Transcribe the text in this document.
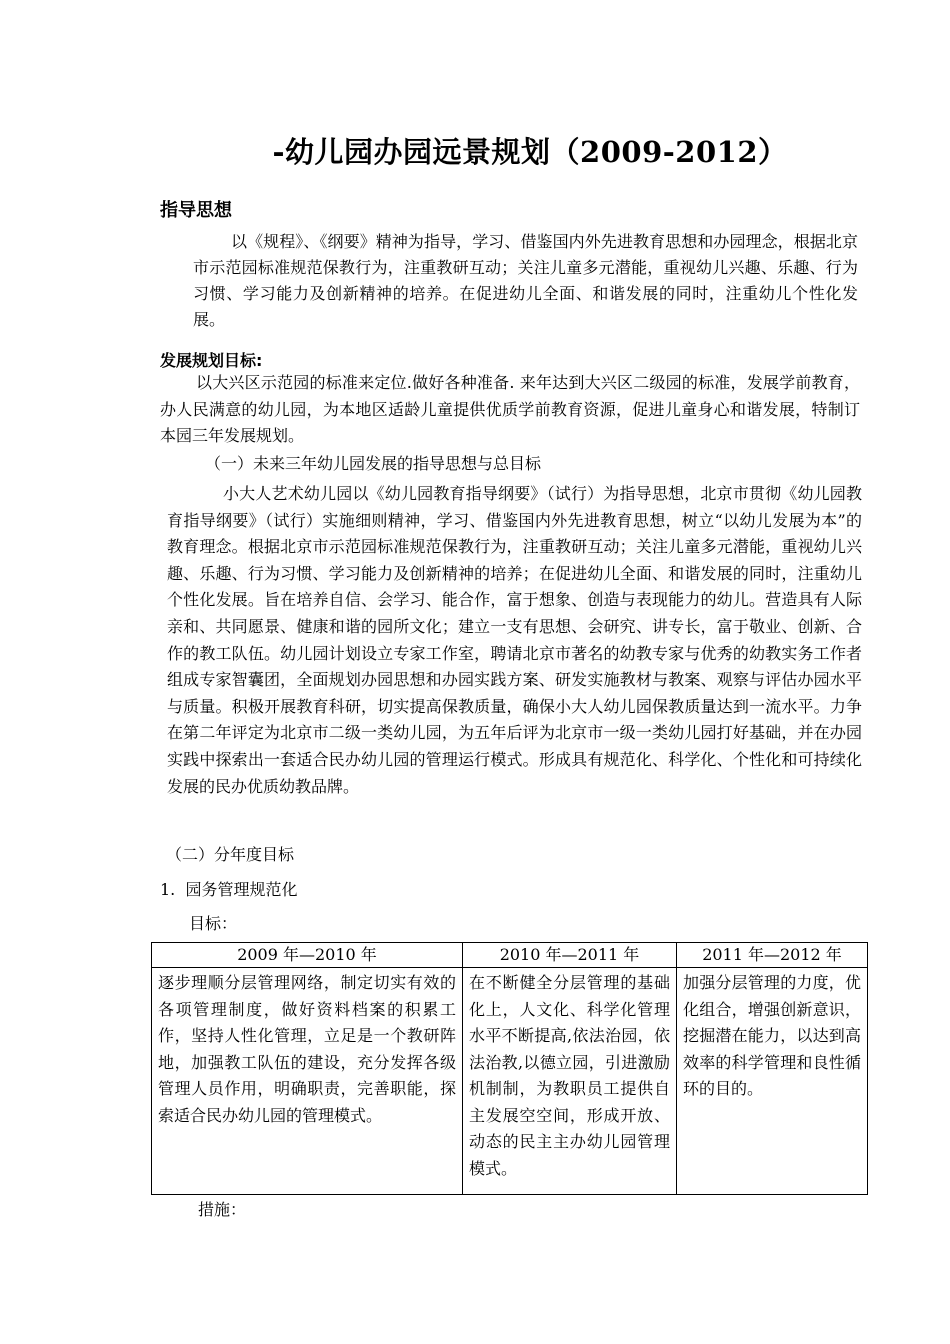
-幼儿园办园远景规划（2009-2012）
指导思想

以《规程》、《纲要》精神为指导，学习、借鉴国内外先进教育思想和办园理念，根据北京市示范园标准规范保教行为，注重教研互动；关注儿童多元潜能，重视幼儿兴趣、乐趣、行为习惯、学习能力及创新精神的培养。在促进幼儿全面、和谐发展的同时，注重幼儿个性化发展。

发展规划目标:

以大兴区示范园的标准来定位.做好各种准备. 来年达到大兴区二级园的标准，发展学前教育，办人民满意的幼儿园，为本地区适龄儿童提供优质学前教育资源，促进儿童身心和谐发展，特制订本园三年发展规划。

（一）未来三年幼儿园发展的指导思想与总目标

小大人艺术幼儿园以《幼儿园教育指导纲要》（试行）为指导思想，北京市贯彻《幼儿园教育指导纲要》（试行）实施细则精神，学习、借鉴国内外先进教育思想，树立“以幼儿发展为本”的教育理念。根据北京市示范园标准规范保教行为，注重教研互动；关注儿童多元潜能，重视幼儿兴趣、乐趣、行为习惯、学习能力及创新精神的培养；在促进幼儿全面、和谐发展的同时，注重幼儿个性化发展。旨在培养自信、会学习、能合作，富于想象、创造与表现能力的幼儿。营造具有人际亲和、共同愿景、健康和谐的园所文化；建立一支有思想、会研究、讲专长，富于敬业、创新、合作的教工队伍。幼儿园计划设立专家工作室，聘请北京市著名的幼教专家与优秀的幼教实务工作者组成专家智囊团，全面规划办园思想和办园实践方案、研发实施教材与教案、观察与评估办园水平与质量。积极开展教育科研，切实提高保教质量，确保小大人幼儿园保教质量达到一流水平。力争在第二年评定为北京市二级一类幼儿园，为五年后评为北京市一级一类幼儿园打好基础，并在办园实践中探索出一套适合民办幼儿园的管理运行模式。形成具有规范化、科学化、个性化和可持续化发展的民办优质幼教品牌。

（二）分年度目标
1.  园务管理规范化
目标：
2009 年—2010 年	2010 年—2011 年	2011 年—2012 年
逐步理顺分层管理网络，制定切实有效的各项管理制度，做好资料档案的积累工作，坚持人性化管理，立足是一个教研阵地，加强教工队伍的建设，充分发挥各级管理人员作用，明确职责，完善职能，探索适合民办幼儿园的管理模式。	在不断健全分层管理的基础化上，人文化、科学化管理水平不断提高,依法治园，依法治教,以德立园，引进激励机制制，为教职员工提供自主发展空空间，形成开放、动态的民主主办幼儿园管理模式。	加强分层管理的力度，优化组合，增强创新意识，挖掘潜在能力，以达到高效率的科学管理和良性循环的目的。
措施：
